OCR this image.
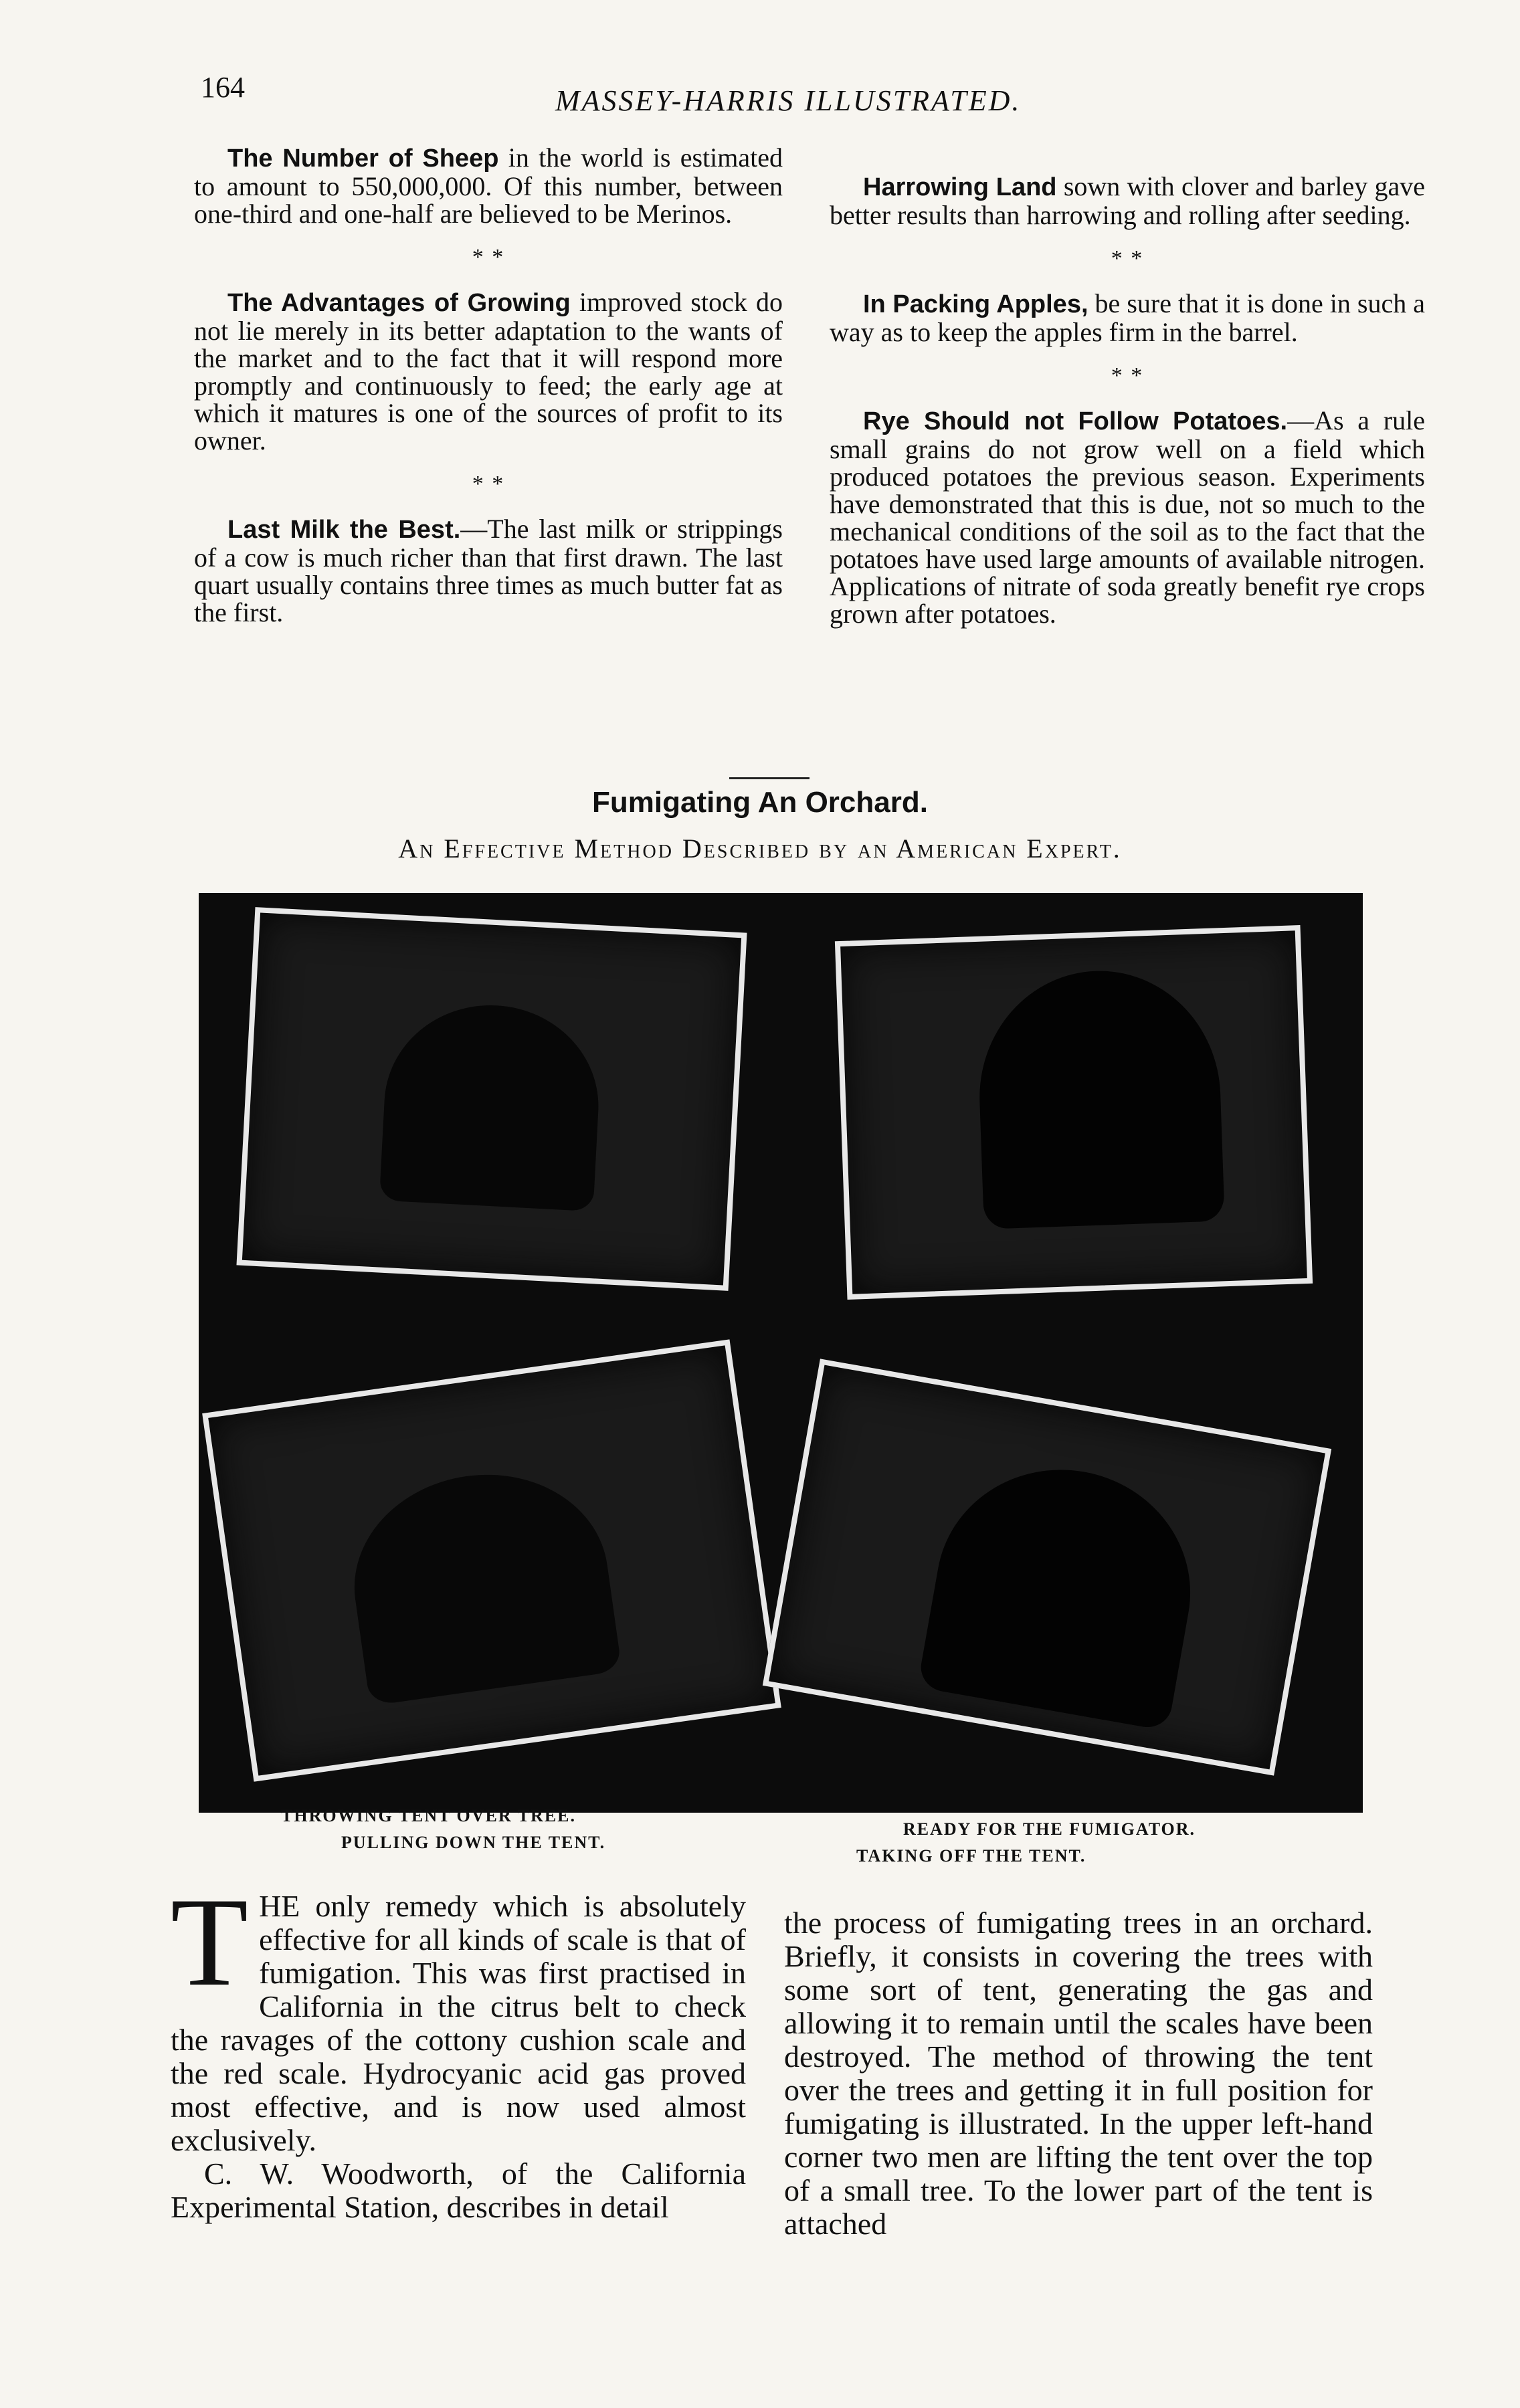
164	MASSEY-HARRIS ILLUSTRATED.

The Number of Sheep in the world is estimated to amount to 550,000,000. Of this number, between one-third and one-half are believed to be Merinos.

* *

The Advantages of Growing improved stock do not lie merely in its better adaptation to the wants of the market and to the fact that it will respond more promptly and continuously to feed; the early age at which it matures is one of the sources of profit to its owner.

* *

Last Milk the Best.—The last milk or strippings of a cow is much richer than that first drawn. The last quart usually contains three times as much butter fat as the first.

Harrowing Land sown with clover and barley gave better results than harrowing and rolling after seeding.

* *

In Packing Apples, be sure that it is done in such a way as to keep the apples firm in the barrel.

* *

Rye Should not Follow Potatoes.—As a rule small grains do not grow well on a field which produced potatoes the previous season. Experiments have demonstrated that this is due, not so much to the mechanical conditions of the soil as to the fact that the potatoes have used large amounts of available nitrogen. Applications of nitrate of soda greatly benefit rye crops grown after potatoes.

Fumigating An Orchard.
An Effective Method Described by an American Expert.
THROWING TENT OVER TREE.
PULLING DOWN THE TENT.
READY FOR THE FUMIGATOR.
TAKING OFF THE TENT.

THE only remedy which is absolutely effective for all kinds of scale is that of fumigation. This was first practised in California in the citrus belt to check the ravages of the cottony cushion scale and the red scale. Hydrocyanic acid gas proved most effective, and is now used almost exclusively.

C. W. Woodworth, of the California Experimental Station, describes in detail

the process of fumigating trees in an orchard. Briefly, it consists in covering the trees with some sort of tent, generating the gas and allowing it to remain until the scales have been destroyed. The method of throwing the tent over the trees and getting it in full position for fumigating is illustrated. In the upper left-hand corner two men are lifting the tent over the top of a small tree. To the lower part of the tent is attached
